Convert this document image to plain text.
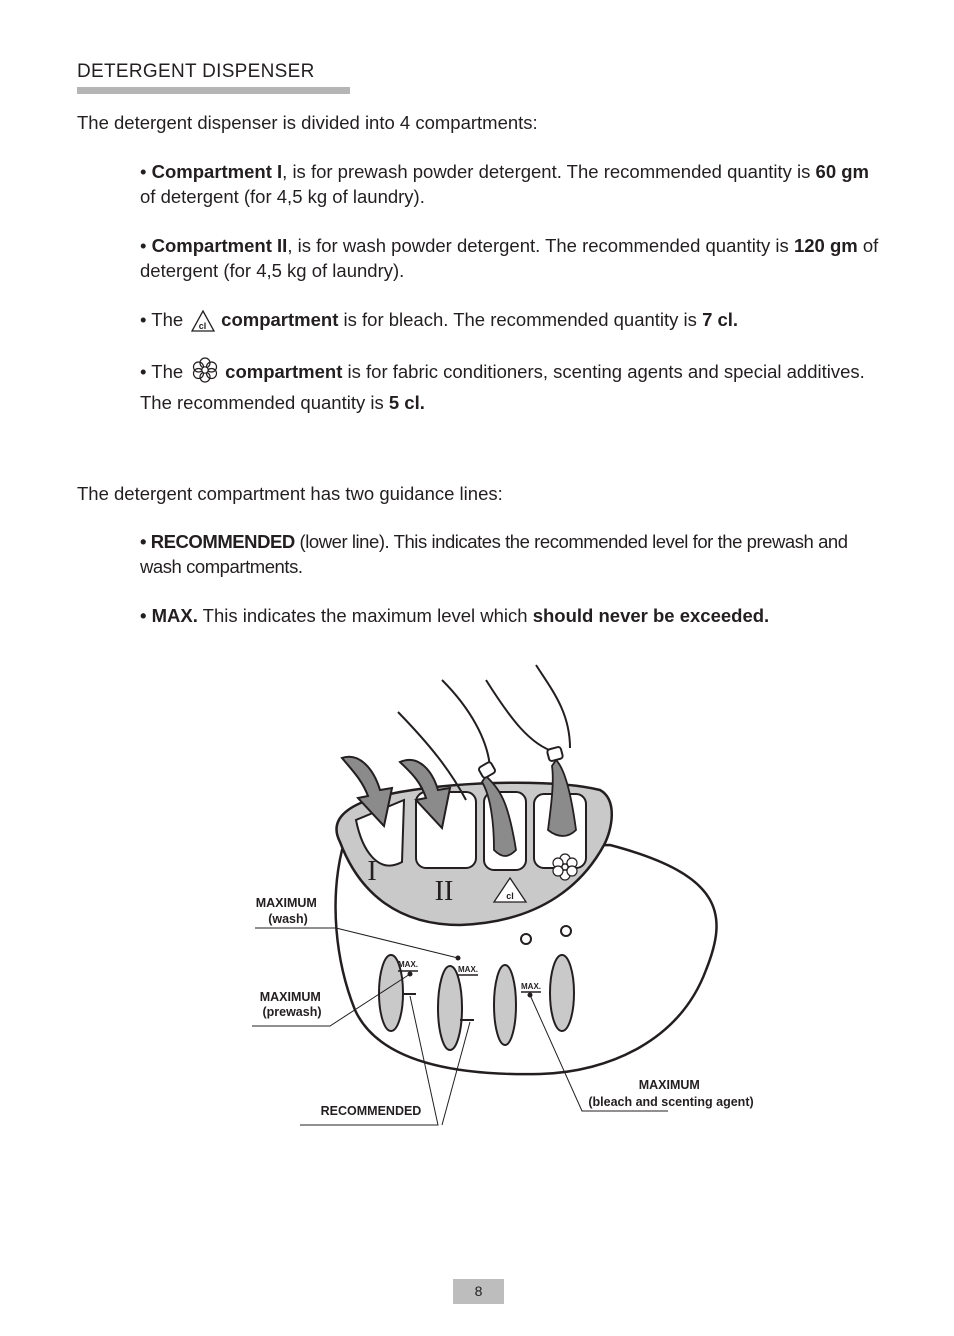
DETERGENT DISPENSER
The detergent dispenser is divided into 4 compartments:
• Compartment I, is for prewash powder detergent. The recommended quantity is 60 gm of detergent (for 4,5 kg of laundry).
• Compartment II, is for wash powder detergent. The recommended quantity is 120 gm of detergent (for 4,5 kg of laundry).
• The cl compartment is for bleach. The recommended quantity is 7 cl.
• The compartment is for fabric conditioners, scenting agents and special additives. The recommended quantity is 5 cl.
The detergent compartment has two guidance lines:
• RECOMMENDED (lower line). This indicates the recommended level for the prewash and wash compartments.
• MAX. This indicates the maximum level which should never be exceeded.
I
II	cl
MAX.
MAX.
MAX.
MAXIMUM (wash)
MAXIMUM (prewash)
RECOMMENDED
MAXIMUM (bleach and scenting agent)
8
